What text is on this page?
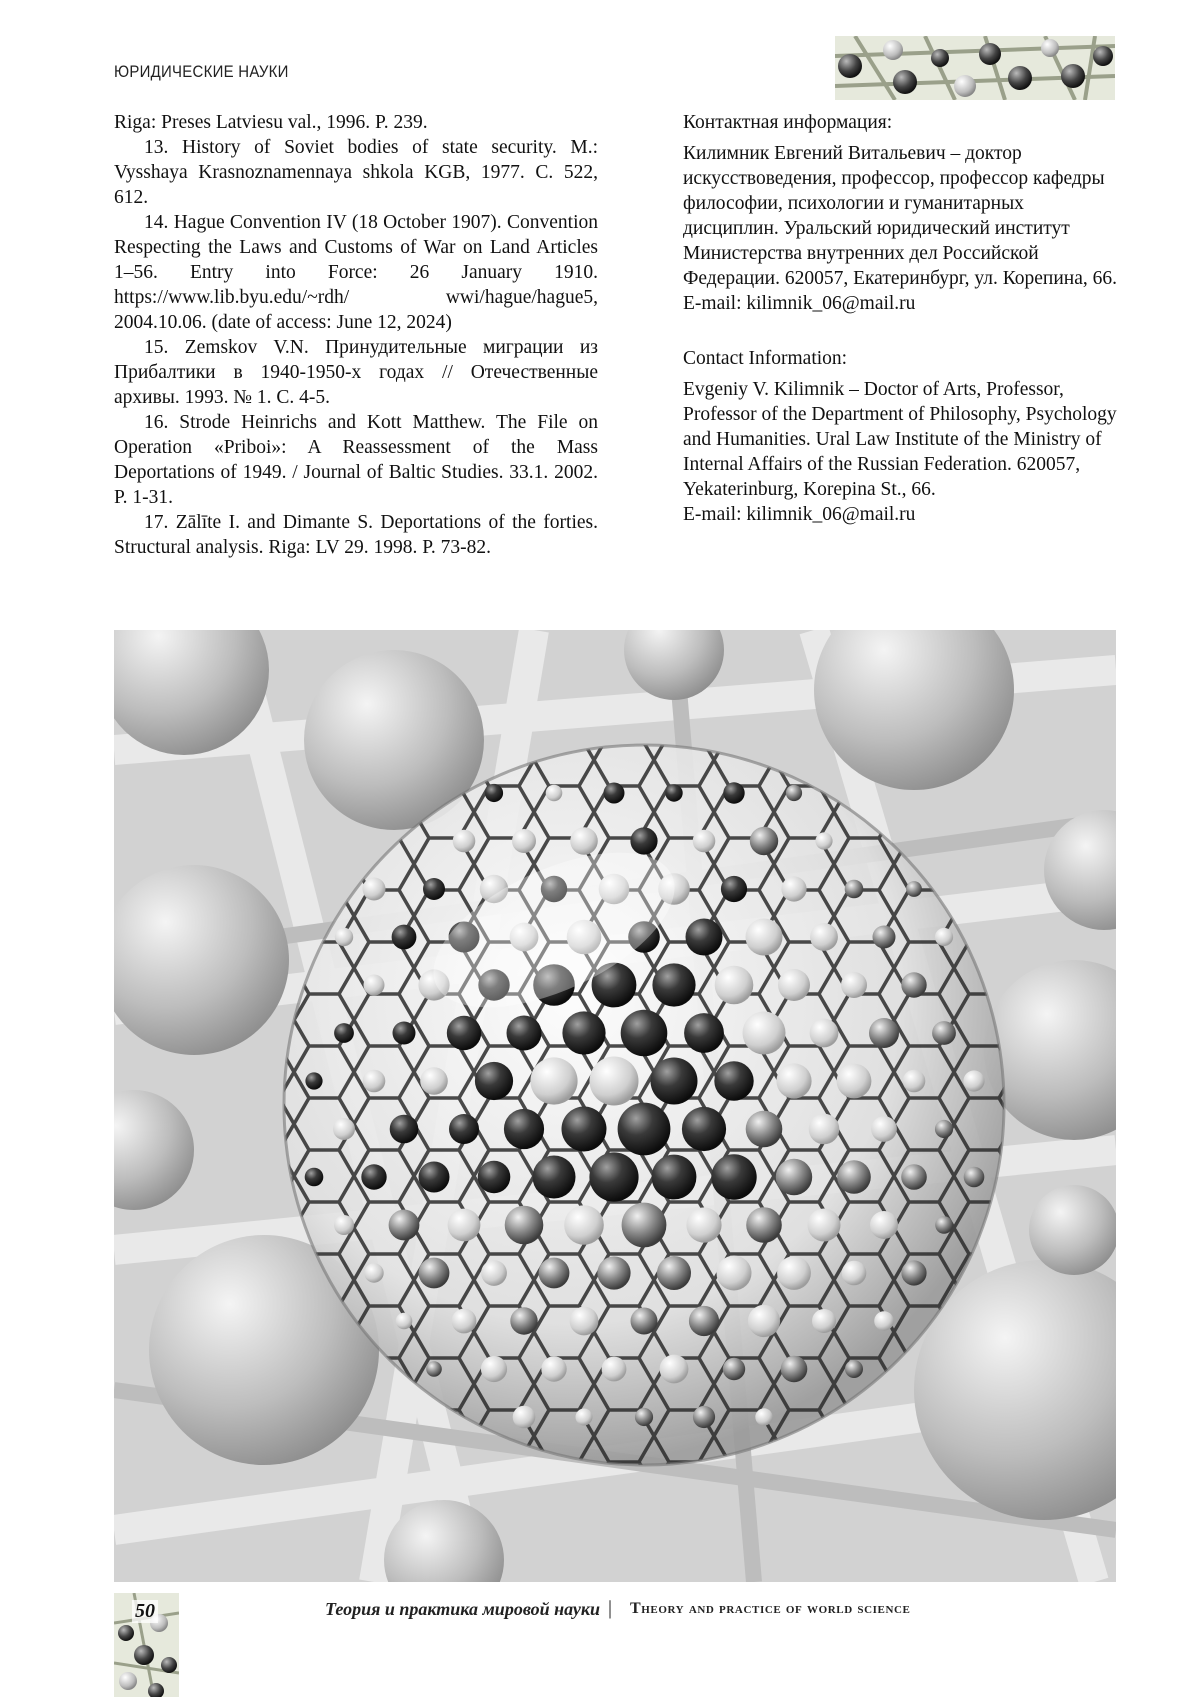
ЮРИДИЧЕСКИЕ НАУКИ

Riga: Preses Latviesu val., 1996. P. 239.

13. History of Soviet bodies of state security. M.: Vysshaya Krasnoznamennaya shkola KGB, 1977. C. 522, 612.

14. Hague Convention IV (18 October 1907). Convention Respecting the Laws and Customs of War on Land Articles 1–56. Entry into Force: 26 January 1910. https://www.lib.byu.edu/~rdh/ wwi/hague/hague5, 2004.10.06. (date of access: June 12, 2024)

15. Zemskov V.N. Принудительные миграции из Прибалтики в 1940-1950-х годах // Отечественные архивы. 1993. № 1. С. 4-5.

16. Strode Heinrichs and Kott Matthew. The File on Operation «Priboi»: A Reassessment of the Mass Deportations of 1949. / Journal of Baltic Studies. 33.1. 2002. P. 1-31.

17. Zālīte I. and Dimante S. Deportations of the forties. Structural analysis. Riga: LV 29. 1998. P. 73-82.

Контактная информация:

Килимник Евгений Витальевич – доктор искусствоведения, профессор, профессор кафедры философии, психологии и гуманитарных дисциплин. Уральский юридический институт Министерства внутренних дел Российской Федерации. 620057, Екатеринбург, ул. Корепина, 66.

E-mail: kilimnik_06@mail.ru

Contact Information:

Evgeniy V. Kilimnik – Doctor of Arts, Professor, Professor of the Department of Philosophy, Psychology and Humanities. Ural Law Institute of the Ministry of Internal Affairs of the Russian Federation. 620057, Yekaterinburg, Korepina St., 66.

E-mail: kilimnik_06@mail.ru

50	Теория и практика мировой науки | Theory and practice of world science
